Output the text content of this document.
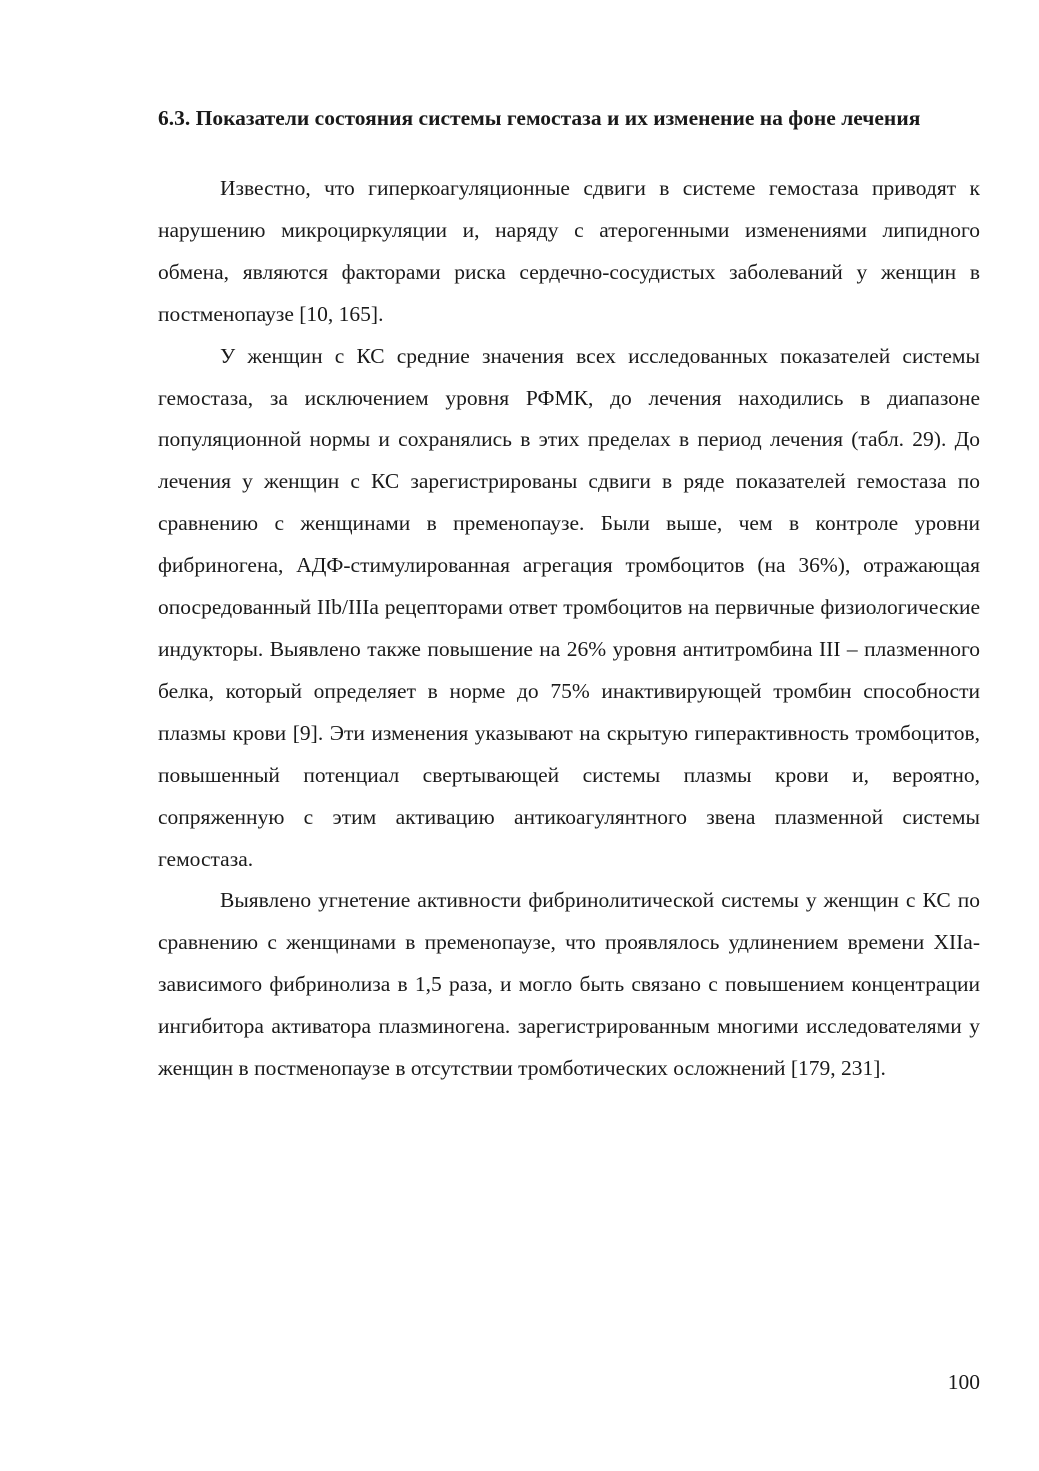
6.3. Показатели состояния системы гемостаза и их изменение на фоне лечения

Известно, что гиперкоагуляционные сдвиги в системе гемостаза приводят к нарушению микроциркуляции и, наряду с атерогенными изменениями липидного обмена, являются факторами риска сердечно-сосудистых заболеваний у женщин в постменопаузе [10, 165].

У женщин с КС средние значения всех исследованных показателей системы гемостаза, за исключением уровня РФМК, до лечения находились в диапазоне популяционной нормы и сохранялись в этих пределах в период лечения (табл. 29). До лечения у женщин с КС зарегистрированы сдвиги в ряде показателей гемостаза по сравнению с женщинами в пременопаузе. Были выше, чем в контроле уровни фибриногена, АДФ-стимулированная агрегация тромбоцитов (на 36%), отражающая опосредованный IIb/IIIa рецепторами ответ тромбоцитов на первичные физиологические индукторы. Выявлено также повышение на 26% уровня антитромбина III – плазменного белка, который определяет в норме до 75% инактивирующей тромбин способности плазмы крови [9]. Эти изменения указывают на скрытую гиперактивность тромбоцитов, повышенный потенциал свертывающей системы плазмы крови и, вероятно, сопряженную с этим активацию антикоагулянтного звена плазменной системы гемостаза.

Выявлено угнетение активности фибринолитической системы у женщин с КС по сравнению с женщинами в пременопаузе, что проявлялось удлинением времени XIIa-зависимого фибринолиза в 1,5 раза, и могло быть связано с повышением концентрации ингибитора активатора плазминогена. зарегистрированным многими исследователями у женщин в постменопаузе в отсутствии тромботических осложнений [179, 231].

100
